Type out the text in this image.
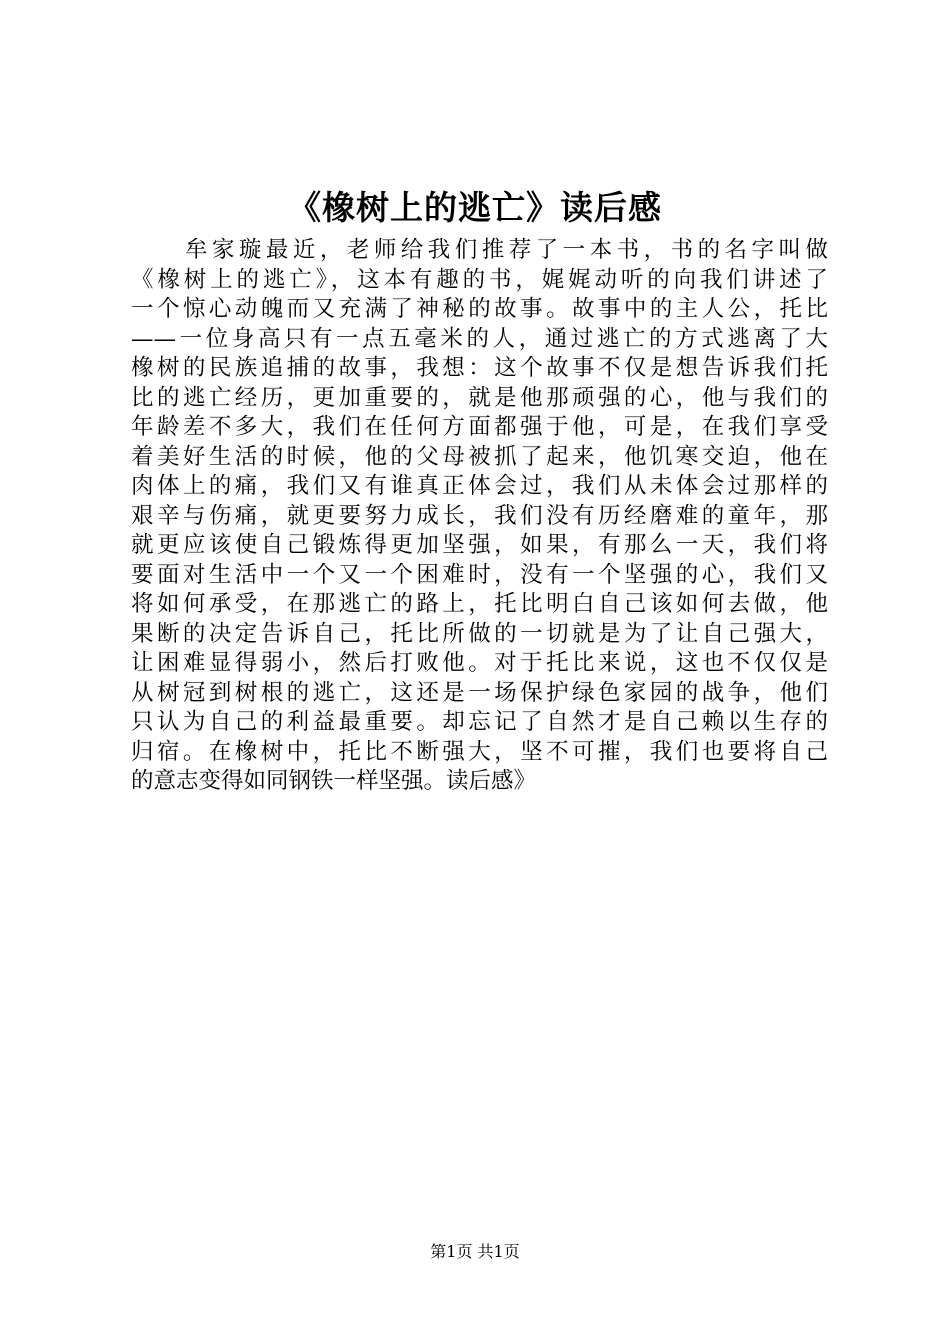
《橡树上的逃亡》读后感
　　牟家璇最近，老师给我们推荐了一本书，书的名字叫做
《橡树上的逃亡》，这本有趣的书，娓娓动听的向我们讲述了
一个惊心动魄而又充满了神秘的故事。故事中的主人公，托比
——一位身高只有一点五毫米的人，通过逃亡的方式逃离了大
橡树的民族追捕的故事，我想：这个故事不仅是想告诉我们托
比的逃亡经历，更加重要的，就是他那顽强的心，他与我们的
年龄差不多大，我们在任何方面都强于他，可是，在我们享受
着美好生活的时候，他的父母被抓了起来，他饥寒交迫，他在
肉体上的痛，我们又有谁真正体会过，我们从未体会过那样的
艰辛与伤痛，就更要努力成长，我们没有历经磨难的童年，那
就更应该使自己锻炼得更加坚强，如果，有那么一天，我们将
要面对生活中一个又一个困难时，没有一个坚强的心，我们又
将如何承受，在那逃亡的路上，托比明白自己该如何去做，他
果断的决定告诉自己，托比所做的一切就是为了让自己强大，
让困难显得弱小，然后打败他。对于托比来说，这也不仅仅是
从树冠到树根的逃亡，这还是一场保护绿色家园的战争，他们
只认为自己的利益最重要。却忘记了自然才是自己赖以生存的
归宿。在橡树中，托比不断强大，坚不可摧，我们也要将自己
的意志变得如同钢铁一样坚强。读后感》
第1页 共1页
